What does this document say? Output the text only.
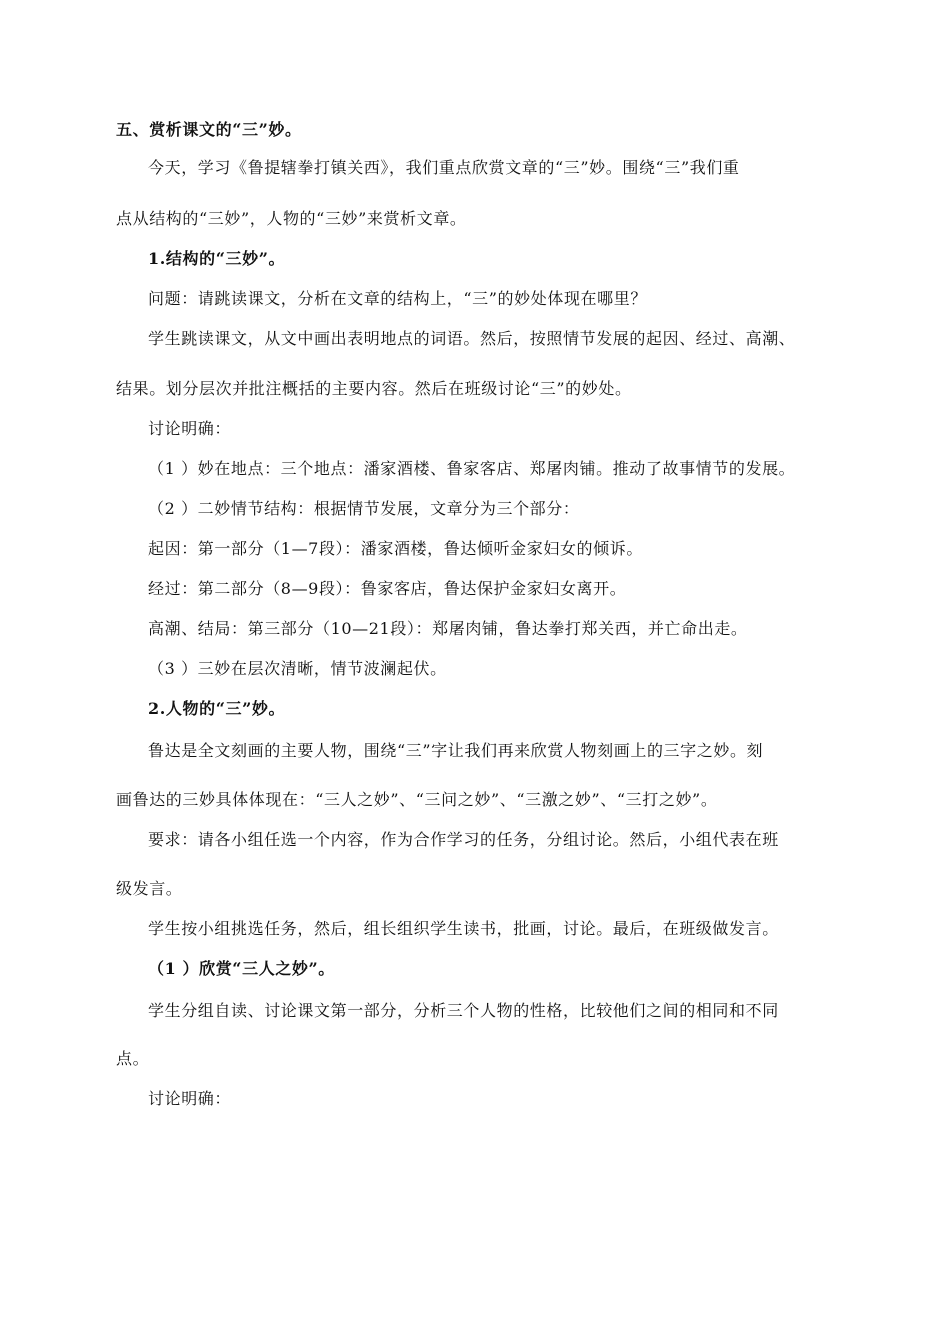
五、赏析课文的“三”妙。
今天，学习《鲁提辖拳打镇关西》，我们重点欣赏文章的“三”妙。围绕“三”我们重
点从结构的“三妙”，人物的“三妙”来赏析文章。
1.结构的“三妙”。
问题：请跳读课文，分析在文章的结构上，“三”的妙处体现在哪里？
学生跳读课文，从文中画出表明地点的词语。然后，按照情节发展的起因、经过、高潮、
结果。划分层次并批注概括的主要内容。然后在班级讨论“三”的妙处。
讨论明确：
（1 ）妙在地点：三个地点：潘家酒楼、鲁家客店、郑屠肉铺。推动了故事情节的发展。
（2 ）二妙情节结构：根据情节发展，文章分为三个部分：
起因：第一部分（1—7段）：潘家酒楼，鲁达倾听金家妇女的倾诉。
经过：第二部分（8—9段）：鲁家客店，鲁达保护金家妇女离开。
高潮、结局：第三部分（10—21段）：郑屠肉铺，鲁达拳打郑关西，并亡命出走。
（3 ）三妙在层次清晰，情节波澜起伏。
2.人物的“三”妙。
鲁达是全文刻画的主要人物，围绕“三”字让我们再来欣赏人物刻画上的三字之妙。刻
画鲁达的三妙具体体现在：“三人之妙”、“三问之妙”、“三激之妙”、“三打之妙”。
要求：请各小组任选一个内容，作为合作学习的任务，分组讨论。然后，小组代表在班
级发言。
学生按小组挑选任务，然后，组长组织学生读书，批画，讨论。最后，在班级做发言。
（1 ）欣赏“三人之妙”。
学生分组自读、讨论课文第一部分，分析三个人物的性格，比较他们之间的相同和不同
点。
讨论明确：
